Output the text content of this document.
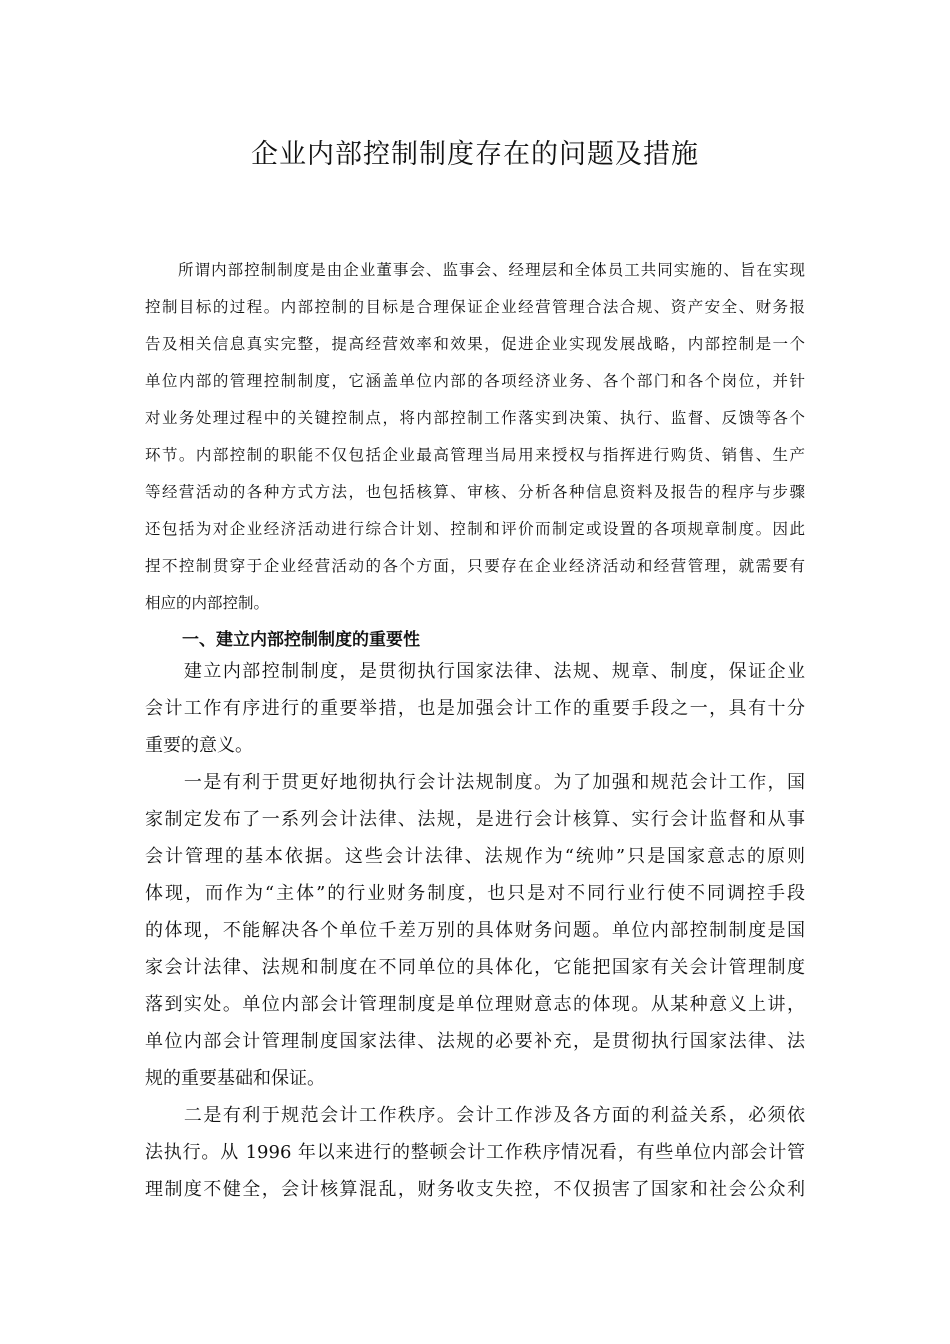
企业内部控制制度存在的问题及措施
　　所谓内部控制制度是由企业董事会、监事会、经理层和全体员工共同实施的、旨在实现
控制目标的过程。内部控制的目标是合理保证企业经营管理合法合规、资产安全、财务报
告及相关信息真实完整，提高经营效率和效果，促进企业实现发展战略，内部控制是一个
单位内部的管理控制制度，它涵盖单位内部的各项经济业务、各个部门和各个岗位，并针
对业务处理过程中的关键控制点，将内部控制工作落实到决策、执行、监督、反馈等各个
环节。内部控制的职能不仅包括企业最高管理当局用来授权与指挥进行购货、销售、生产
等经营活动的各种方式方法，也包括核算、审核、分析各种信息资料及报告的程序与步骤
还包括为对企业经济活动进行综合计划、控制和评价而制定或设置的各项规章制度。因此
捏不控制贯穿于企业经营活动的各个方面，只要存在企业经济活动和经营管理，就需要有
相应的内部控制。
一、建立内部控制制度的重要性
　　建立内部控制制度，是贯彻执行国家法律、法规、规章、制度，保证企业
会计工作有序进行的重要举措，也是加强会计工作的重要手段之一，具有十分
重要的意义。
　　一是有利于贯更好地彻执行会计法规制度。为了加强和规范会计工作，国
家制定发布了一系列会计法律、法规，是进行会计核算、实行会计监督和从事
会计管理的基本依据。这些会计法律、法规作为“统帅”只是国家意志的原则
体现，而作为“主体”的行业财务制度，也只是对不同行业行使不同调控手段
的体现，不能解决各个单位千差万别的具体财务问题。单位内部控制制度是国
家会计法律、法规和制度在不同单位的具体化，它能把国家有关会计管理制度
落到实处。单位内部会计管理制度是单位理财意志的体现。从某种意义上讲，
单位内部会计管理制度国家法律、法规的必要补充，是贯彻执行国家法律、法
规的重要基础和保证。
　　二是有利于规范会计工作秩序。会计工作涉及各方面的利益关系，必须依
法执行。从 1996 年以来进行的整顿会计工作秩序情况看，有些单位内部会计管
理制度不健全，会计核算混乱，财务收支失控，不仅损害了国家和社会公众利
